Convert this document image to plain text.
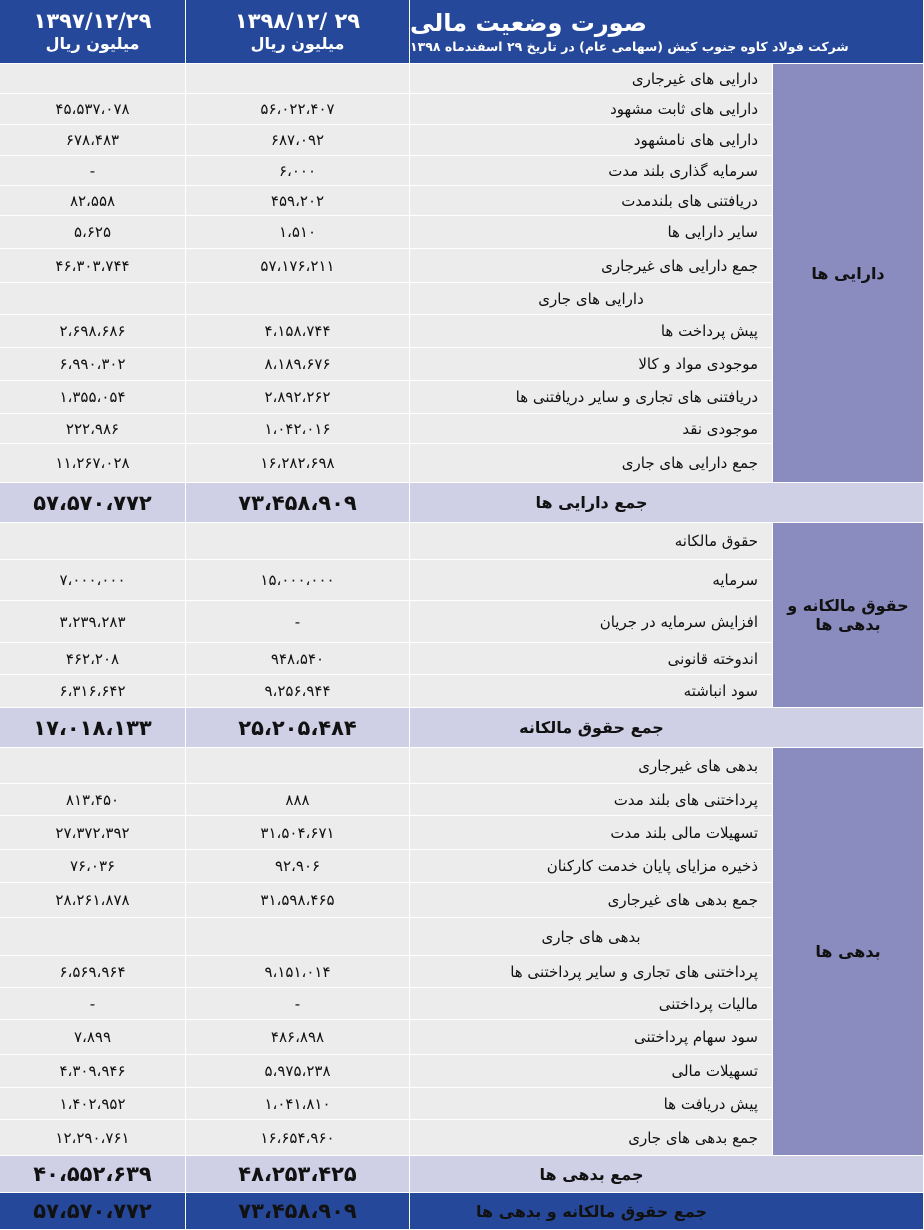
۱۳۹۷/۱۲/۲۹
میلیون ریال
۱۳۹۸/۱۲/ ۲۹
میلیون ریال
صورت وضعیت مالی
شرکت فولاد کاوه جنوب کیش (سهامی عام) در تاریخ ۲۹ اسفندماه ۱۳۹۸
دارایی ها
حقوق مالکانه و بدهی ها
بدهی ها
دارایی های غیرجاری
۴۵،۵۳۷،۰۷۸	۵۶،۰۲۲،۴۰۷	دارایی های ثابت مشهود
۶۷۸،۴۸۳	۶۸۷،۰۹۲	دارایی های نامشهود
-	۶،۰۰۰	سرمایه گذاری بلند مدت
۸۲،۵۵۸	۴۵۹،۲۰۲	دریافتنی های بلندمدت
۵،۶۲۵	۱،۵۱۰	سایر دارایی ها
۴۶،۳۰۳،۷۴۴	۵۷،۱۷۶،۲۱۱	جمع دارایی های غیرجاری
دارایی های جاری
۲،۶۹۸،۶۸۶	۴،۱۵۸،۷۴۴	پیش پرداخت ها
۶،۹۹۰،۳۰۲	۸،۱۸۹،۶۷۶	موجودی مواد و کالا
۱،۳۵۵،۰۵۴	۲،۸۹۲،۲۶۲	دریافتنی های تجاری و سایر دریافتنی ها
۲۲۲،۹۸۶	۱،۰۴۲،۰۱۶	موجودی نقد
۱۱،۲۶۷،۰۲۸	۱۶،۲۸۲،۶۹۸	جمع دارایی های جاری
۵۷،۵۷۰،۷۷۲	۷۳،۴۵۸،۹۰۹	جمع دارایی ها
حقوق مالکانه
۷،۰۰۰،۰۰۰	۱۵،۰۰۰،۰۰۰	سرمایه
۳،۲۳۹،۲۸۳	-	افزایش سرمایه در جریان
۴۶۲،۲۰۸	۹۴۸،۵۴۰	اندوخته قانونی
۶،۳۱۶،۶۴۲	۹،۲۵۶،۹۴۴	سود انباشته
۱۷،۰۱۸،۱۳۳	۲۵،۲۰۵،۴۸۴	جمع حقوق مالکانه
بدهی های غیرجاری
۸۱۳،۴۵۰	۸۸۸	پرداختنی های بلند مدت
۲۷،۳۷۲،۳۹۲	۳۱،۵۰۴،۶۷۱	تسهیلات مالی بلند مدت
۷۶،۰۳۶	۹۲،۹۰۶	ذخیره مزایای پایان خدمت کارکنان
۲۸،۲۶۱،۸۷۸	۳۱،۵۹۸،۴۶۵	جمع بدهی های غیرجاری
بدهی های جاری
۶،۵۶۹،۹۶۴	۹،۱۵۱،۰۱۴	پرداختنی های تجاری و سایر پرداختنی ها
-	-	مالیات پرداختنی
۷،۸۹۹	۴۸۶،۸۹۸	سود سهام پرداختنی
۴،۳۰۹،۹۴۶	۵،۹۷۵،۲۳۸	تسهیلات مالی
۱،۴۰۲،۹۵۲	۱،۰۴۱،۸۱۰	پیش دریافت ها
۱۲،۲۹۰،۷۶۱	۱۶،۶۵۴،۹۶۰	جمع بدهی های جاری
۴۰،۵۵۲،۶۳۹	۴۸،۲۵۳،۴۲۵	جمع بدهی ها
۵۷،۵۷۰،۷۷۲	۷۳،۴۵۸،۹۰۹	جمع حقوق مالکانه و بدهی ها
